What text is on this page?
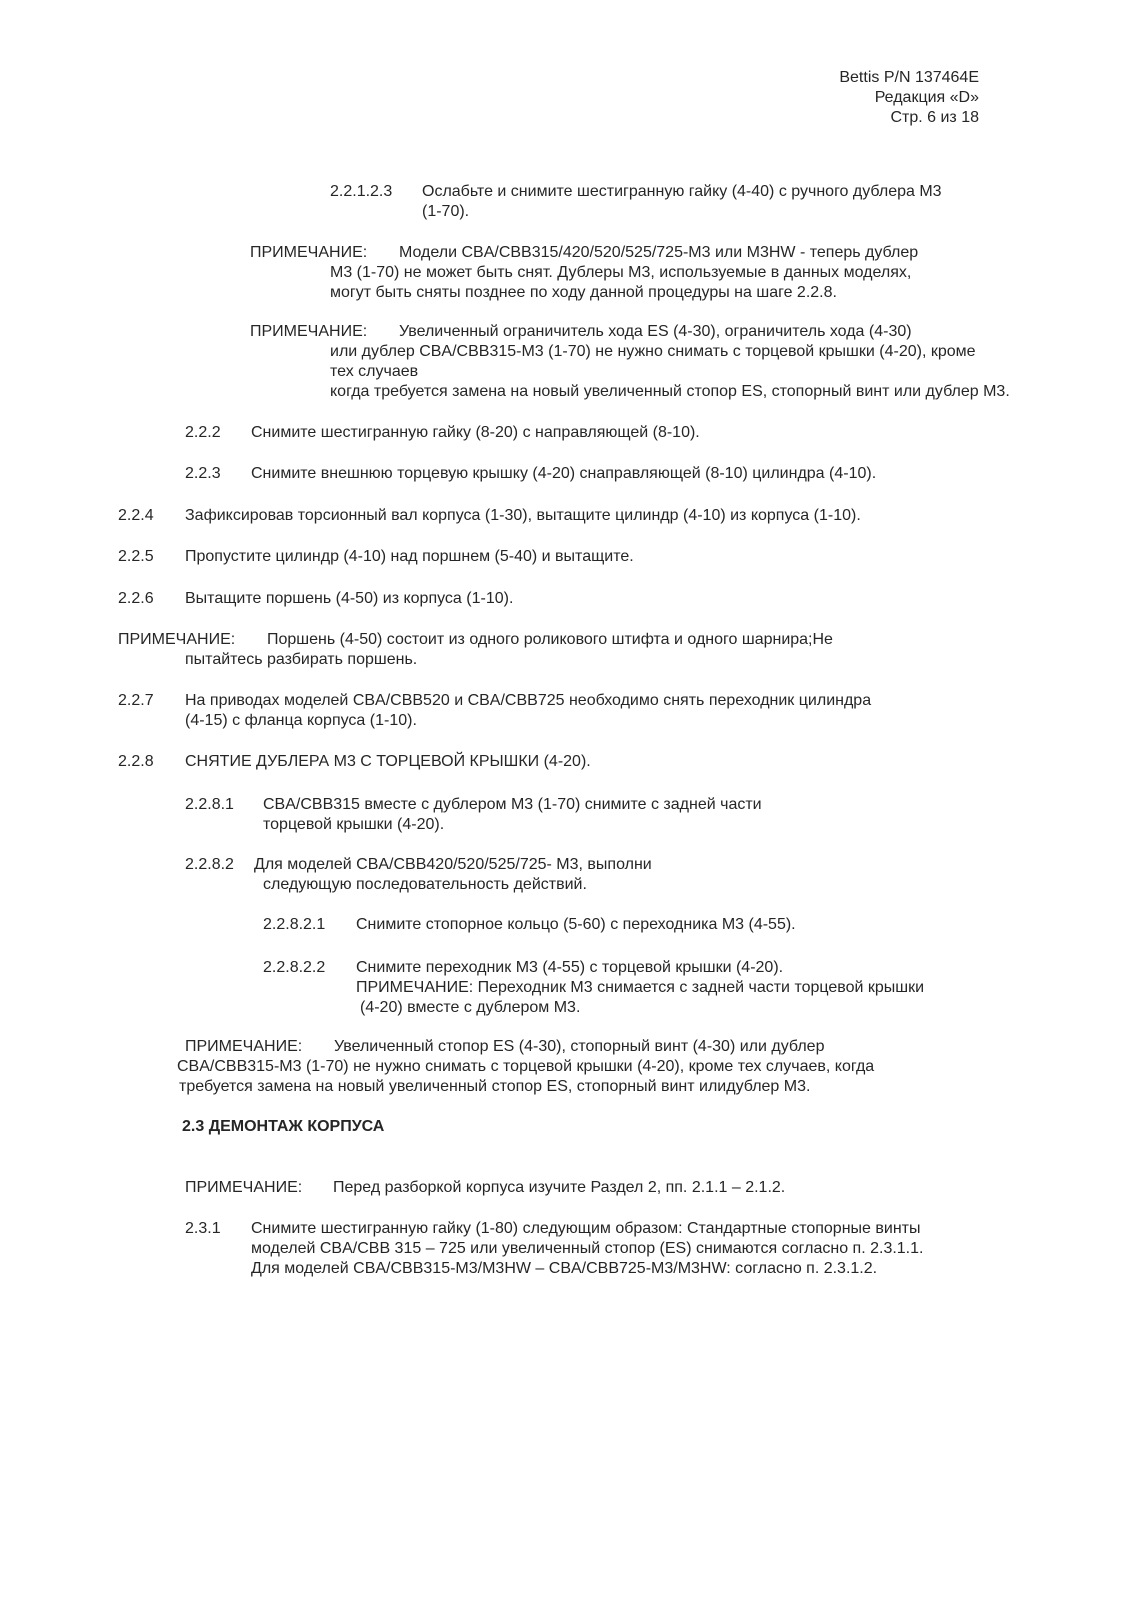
Bettis P/N 137464E
Редакция «D»
Стр. 6 из 18
2.2.1.2.3 Ослабьте и снимите шестигранную гайку (4-40) с ручного дублера M3
(1-70).
ПРИМЕЧАНИЕ: Модели CBA/CBB315/420/520/525/725-M3 или M3HW - теперь дублер
M3 (1-70) не может быть снят. Дублеры M3, используемые в данных моделях,
могут быть сняты позднее по ходу данной процедуры на шаге 2.2.8.
ПРИМЕЧАНИЕ: Увеличенный ограничитель хода ES (4-30), ограничитель хода (4-30)
или дублер CBA/CBB315-M3 (1-70) не нужно снимать с торцевой крышки (4-20), кроме
тех случаев
когда требуется замена на новый увеличенный стопор ES, стопорный винт или дублер M3.
2.2.2 Снимите шестигранную гайку (8-20) с направляющей (8-10).
2.2.3 Снимите внешнюю торцевую крышку (4-20) снаправляющей (8-10) цилиндра (4-10).
2.2.4 Зафиксировав торсионный вал корпуса (1-30), вытащите цилиндр (4-10) из корпуса (1-10).
2.2.5 Пропустите цилиндр (4-10) над поршнем (5-40) и вытащите.
2.2.6 Вытащите поршень (4-50) из корпуса (1-10).
ПРИМЕЧАНИЕ: Поршень (4-50) состоит из одного роликового штифта и одного шарнира;Не
пытайтесь разбирать поршень.
2.2.7 На приводах моделей CBA/CBB520 и CBA/CBB725 необходимо снять переходник цилиндра
(4-15) с фланца корпуса (1-10).
2.2.8 СНЯТИЕ ДУБЛЕРА M3 С ТОРЦЕВОЙ КРЫШКИ (4-20).
2.2.8.1 CBA/CBB315 вместе с дублером M3 (1-70) снимите с задней части
торцевой крышки (4-20).
2.2.8.2 Для моделей CBA/CBB420/520/525/725- M3, выполни
следующую последовательность действий.
2.2.8.2.1 Снимите стопорное кольцо (5-60) с переходника M3 (4-55).
2.2.8.2.2 Снимите переходник M3 (4-55) с торцевой крышки (4-20).
ПРИМЕЧАНИЕ: Переходник M3 снимается с задней части торцевой крышки
(4-20) вместе с дублером M3.
ПРИМЕЧАНИЕ: Увеличенный стопор ES (4-30), стопорный винт (4-30) или дублер
CBA/CBB315-M3 (1-70) не нужно снимать с торцевой крышки (4-20), кроме тех случаев, когда
требуется замена на новый увеличенный стопор ES, стопорный винт илидублер M3.
2.3 ДЕМОНТАЖ КОРПУСА
ПРИМЕЧАНИЕ: Перед разборкой корпуса изучите Раздел 2, пп. 2.1.1 – 2.1.2.
2.3.1 Снимите шестигранную гайку (1-80) следующим образом: Стандартные стопорные винты
моделей CBA/CBB 315 – 725 или увеличенный стопор (ES) снимаются согласно п. 2.3.1.1.
Для моделей CBA/CBB315-M3/M3HW – CBA/CBB725-M3/M3HW: согласно п. 2.3.1.2.
